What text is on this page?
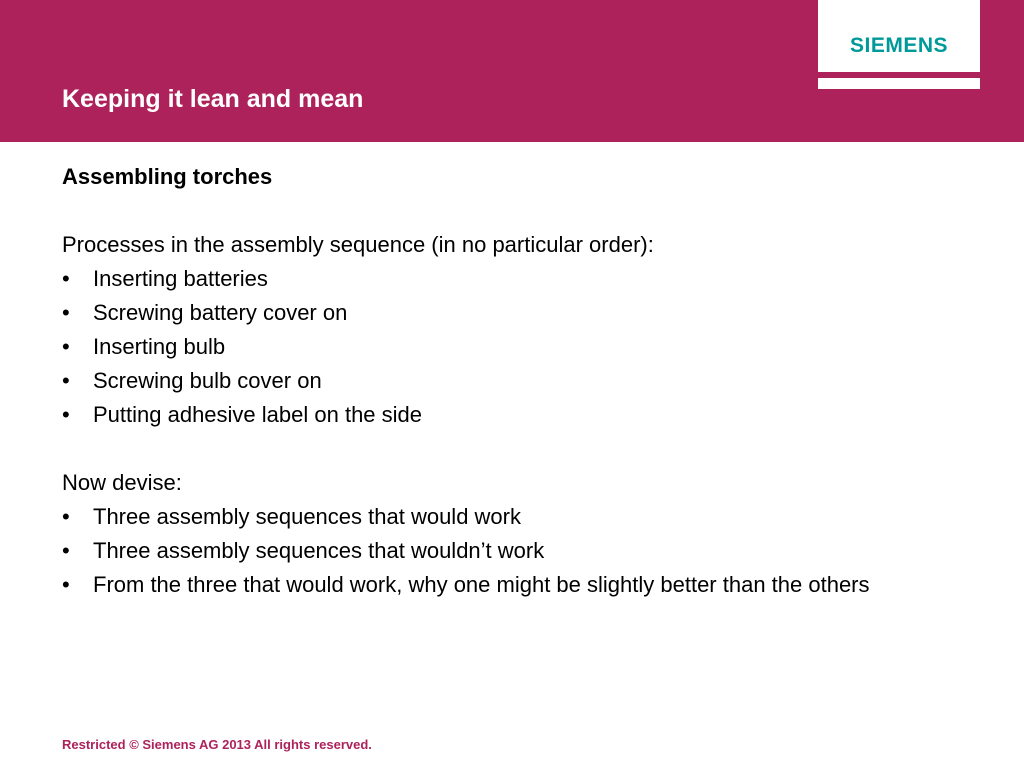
Keeping it lean and mean
SIEMENS
Assembling torches
Processes in the assembly sequence (in no particular order):
•	Inserting batteries
•	Screwing battery cover on
•	Inserting bulb
•	Screwing bulb cover on
•	Putting adhesive label on the side
Now devise:
•	Three assembly sequences that would work
•	Three assembly sequences that wouldn’t work
•	From the three that would work, why one might be slightly better than the others
Restricted © Siemens AG 2013 All rights reserved.
